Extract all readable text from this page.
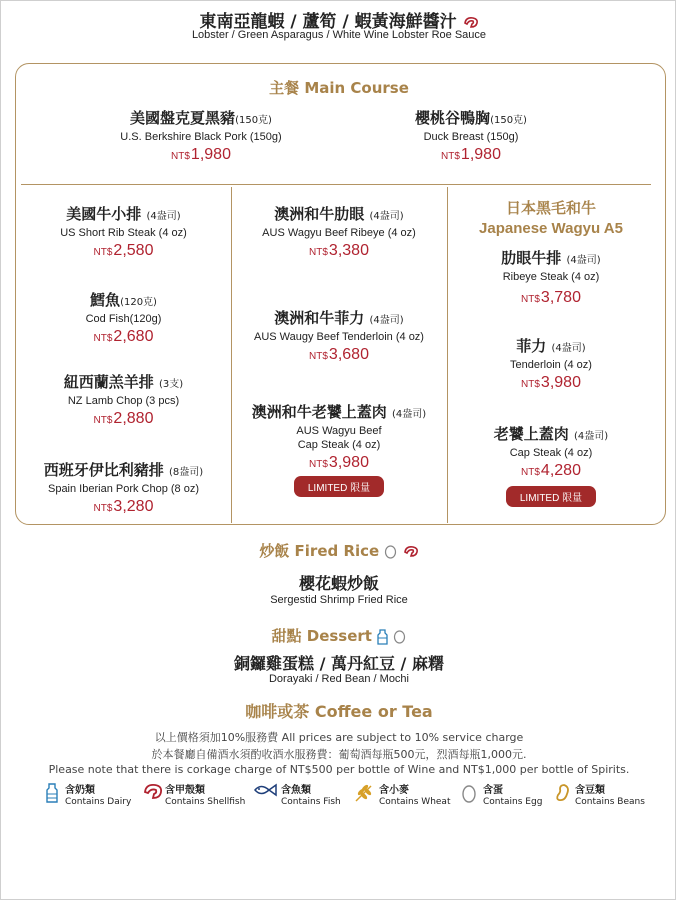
東南亞龍蝦 / 蘆筍 / 蝦黃海鮮醬汁
Lobster / Green Asparagus / White Wine Lobster Roe Sauce
主餐 Main Course
美國盤克夏黑豬(150克)
U.S. Berkshire Black Pork (150g)
NT$1,980
櫻桃谷鴨胸(150克)
Duck Breast (150g)
NT$1,980
美國牛小排 (4盎司)
US Short Rib Steak (4 oz)
NT$2,580
鱈魚(120克)
Cod Fish(120g)
NT$2,680
紐西蘭羔羊排 (3支)
NZ Lamb Chop (3 pcs)
NT$2,880
西班牙伊比利豬排 (8盎司)
Spain Iberian Pork Chop (8 oz)
NT$3,280
澳洲和牛肋眼 (4盎司)
AUS Wagyu Beef Ribeye (4 oz)
NT$3,380
澳洲和牛菲力 (4盎司)
AUS Waugy Beef Tenderloin (4 oz)
NT$3,680
澳洲和牛老饕上蓋肉 (4盎司)
AUS Wagyu Beef
Cap Steak (4 oz)
NT$3,980
LIMITED 限量
日本黑毛和牛
Japanese Wagyu A5
肋眼牛排 (4盎司)
Ribeye Steak (4 oz)
NT$3,780
菲力 (4盎司)
Tenderloin (4 oz)
NT$3,980
老饕上蓋肉 (4盎司)
Cap Steak (4 oz)
NT$4,280
LIMITED 限量
炒飯 Fired Rice
櫻花蝦炒飯
Sergestid Shrimp Fried Rice
甜點 Dessert
銅鑼雞蛋糕 / 萬丹紅豆 / 麻糬
Dorayaki / Red Bean / Mochi
咖啡或茶 Coffee or Tea
以上價格須加10%服務費 All prices are subject to 10% service charge
於本餐廳自備酒水須酌收酒水服務費：葡萄酒每瓶500元，烈酒每瓶1,000元.
Please note that there is corkage charge of NT$500 per bottle of Wine and NT$1,000 per bottle of Spirits.
含奶類
Contains Dairy
含甲殼類
Contains Shellfish
含魚類
Contains Fish
含小麥
Contains Wheat
含蛋
Contains Egg
含豆類
Contains Beans
